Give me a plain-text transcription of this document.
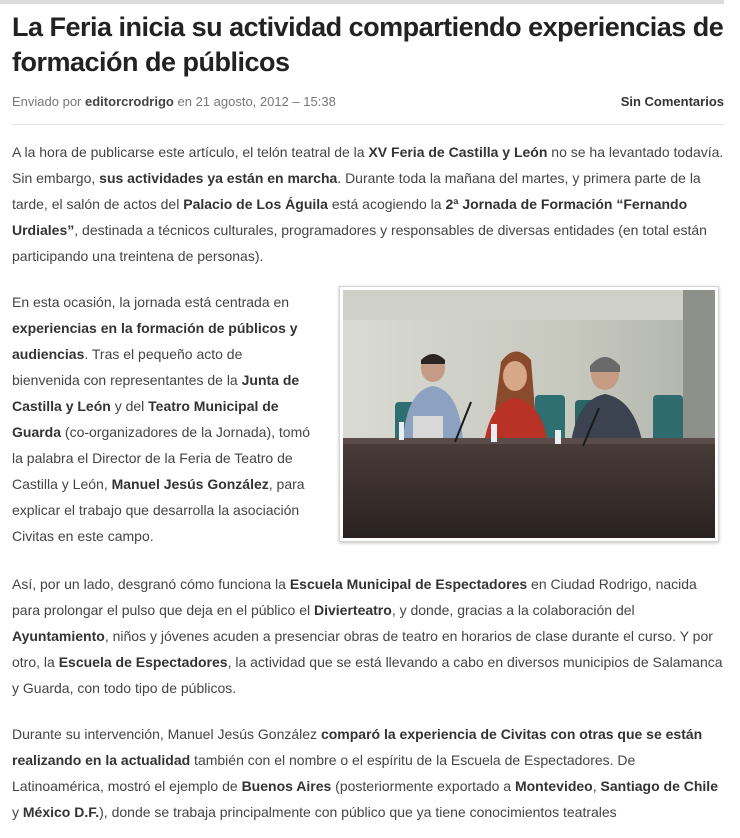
La Feria inicia su actividad compartiendo experiencias de formación de públicos
Enviado por editorcrodrigo en 21 agosto, 2012 – 15:38	Sin Comentarios

A la hora de publicarse este artículo, el telón teatral de la XV Feria de Castilla y León no se ha levantado todavía. Sin embargo, sus actividades ya están en marcha. Durante toda la mañana del martes, y primera parte de la tarde, el salón de actos del Palacio de Los Águila está acogiendo la 2ª Jornada de Formación “Fernando Urdiales”, destinada a técnicos culturales, programadores y responsables de diversas entidades (en total están participando una treintena de personas).

En esta ocasión, la jornada está centrada en experiencias en la formación de públicos y audiencias. Tras el pequeño acto de bienvenida con representantes de la Junta de Castilla y León y del Teatro Municipal de Guarda (co-organizadores de la Jornada), tomó la palabra el Director de la Feria de Teatro de Castilla y León, Manuel Jesús González, para explicar el trabajo que desarrolla la asociación Civitas en este campo.

Así, por un lado, desgranó cómo funciona la Escuela Municipal de Espectadores en Ciudad Rodrigo, nacida para prolongar el pulso que deja en el público el Divierteatro, y donde, gracias a la colaboración del Ayuntamiento, niños y jóvenes acuden a presenciar obras de teatro en horarios de clase durante el curso. Y por otro, la Escuela de Espectadores, la actividad que se está llevando a cabo en diversos municipios de Salamanca y Guarda, con todo tipo de públicos.

Durante su intervención, Manuel Jesús González comparó la experiencia de Civitas con otras que se están realizando en la actualidad también con el nombre o el espíritu de la Escuela de Espectadores. De Latinoamérica, mostró el ejemplo de Buenos Aires (posteriormente exportado a Montevideo, Santiago de Chile y México D.F.), donde se trabaja principalmente con público que ya tiene conocimientos teatrales
